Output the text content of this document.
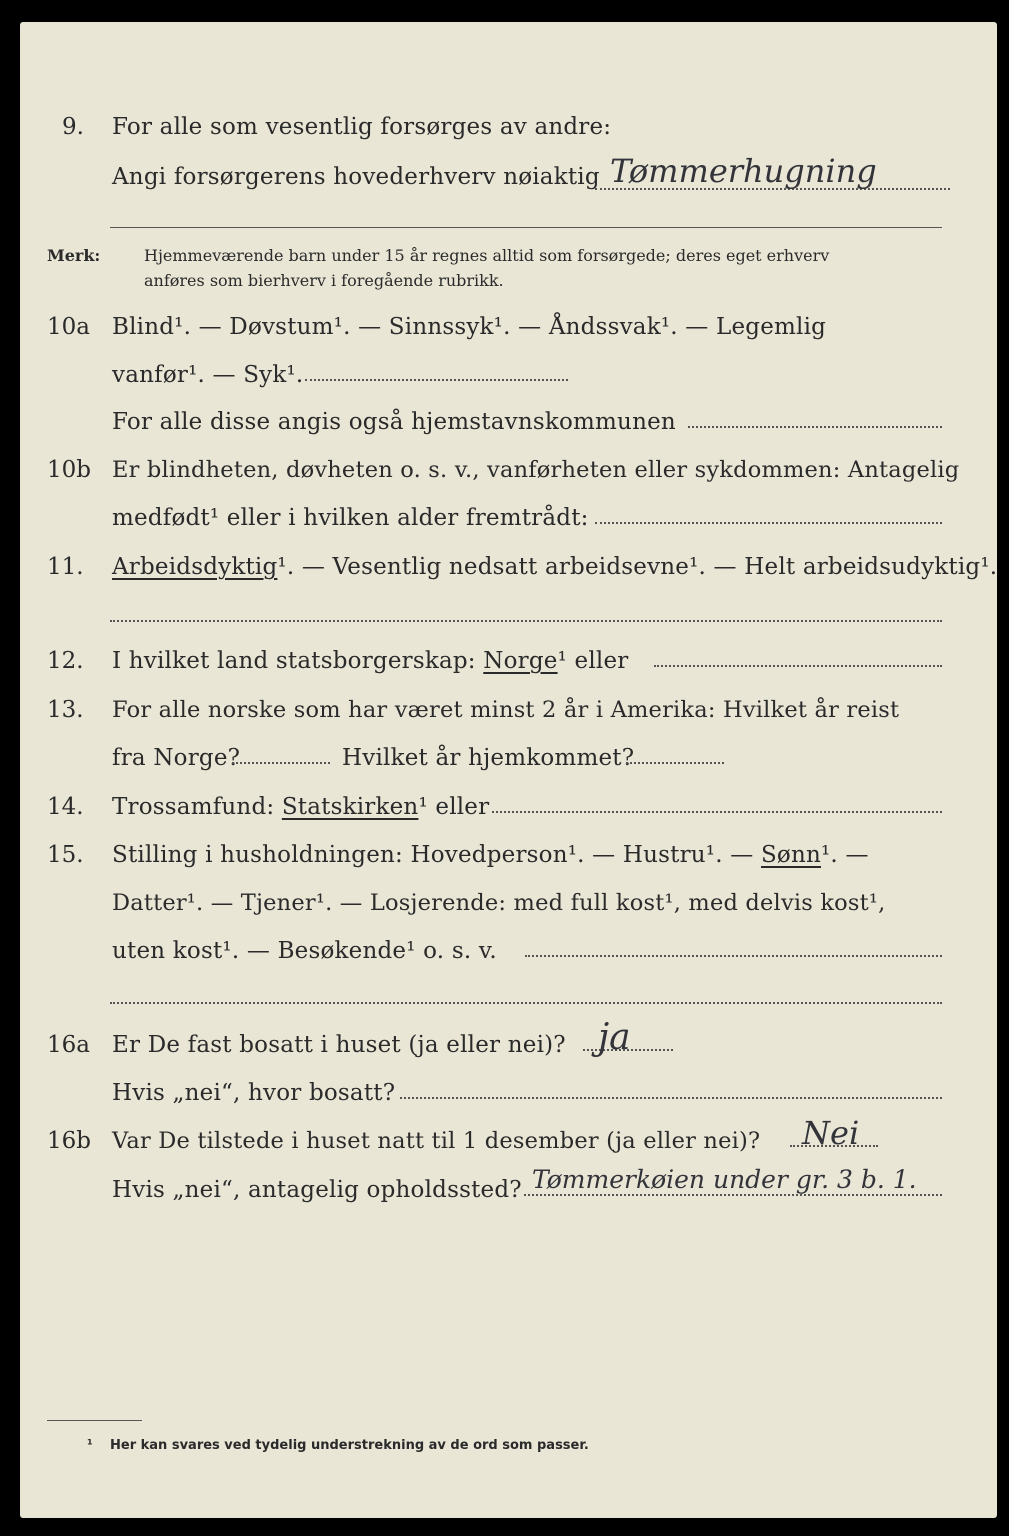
9. For alle som vesentlig forsørges av andre:
Angi forsørgerens hovederhverv nøiaktig Tømmerhugning
Merk:	Hjemmeværende barn under 15 år regnes alltid som forsørgede; deres eget erhverv
anføres som bierhverv i foregående rubrikk.
10a Blind¹. — Døvstum¹. — Sinnssyk¹. — Åndssvak¹. — Legemlig
vanfør¹. — Syk¹.
For alle disse angis også hjemstavnskommunen
10b Er blindheten, døvheten o. s. v., vanførheten eller sykdommen: Antagelig
medfødt¹ eller i hvilken alder fremtrådt:
11. Arbeidsdyktig¹. — Vesentlig nedsatt arbeidsevne¹. — Helt arbeidsudyktig¹.
12. I hvilket land statsborgerskap: Norge¹ eller
13. For alle norske som har været minst 2 år i Amerika: Hvilket år reist
fra Norge?	Hvilket år hjemkommet?
14. Trossamfund: Statskirken¹ eller
15. Stilling i husholdningen: Hovedperson¹. — Hustru¹. — Sønn¹. —
Datter¹. — Tjener¹. — Losjerende: med full kost¹, med delvis kost¹,
uten kost¹. — Besøkende¹ o. s. v.
16a Er De fast bosatt i huset (ja eller nei)? ja
Hvis „nei“, hvor bosatt?
16b Var De tilstede i huset natt til 1 desember (ja eller nei)? Nei
Hvis „nei“, antagelig opholdssted? Tømmerkøien under gr. 3 b. 1.
¹ Her kan svares ved tydelig understrekning av de ord som passer.
